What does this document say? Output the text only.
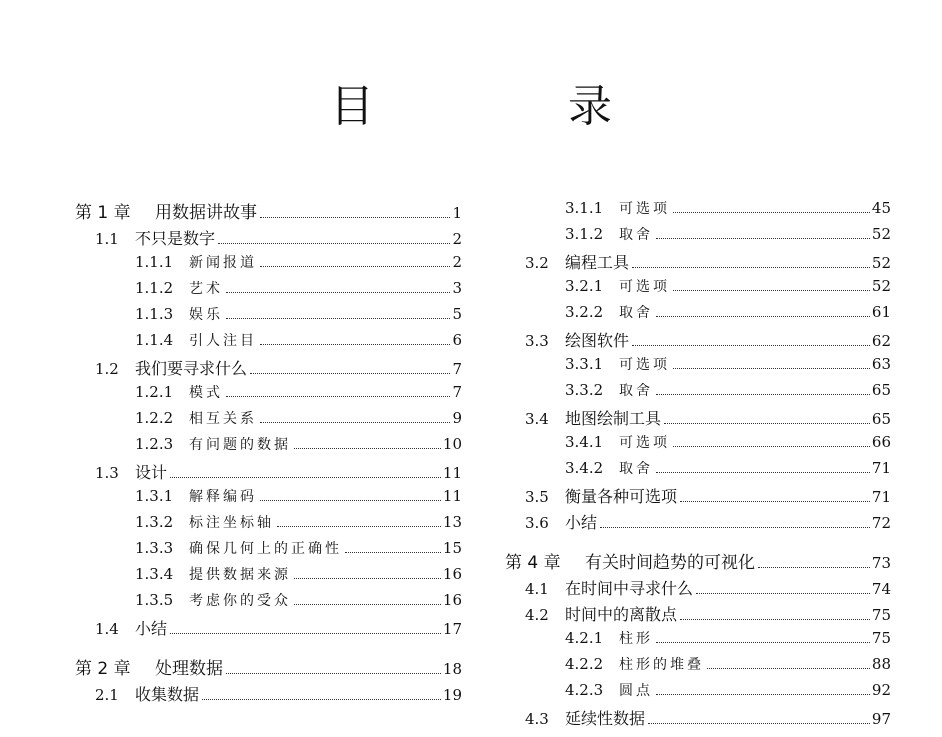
目 录
第 1 章	用数据讲故事	1
1.1	不只是数字	2
1.1.1	新闻报道	2
1.1.2	艺术	3
1.1.3	娱乐	5
1.1.4	引人注目	6
1.2	我们要寻求什么	7
1.2.1	模式	7
1.2.2	相互关系	9
1.2.3	有问题的数据	10
1.3	设计	11
1.3.1	解释编码	11
1.3.2	标注坐标轴	13
1.3.3	确保几何上的正确性	15
1.3.4	提供数据来源	16
1.3.5	考虑你的受众	16
1.4	小结	17
第 2 章	处理数据	18
2.1	收集数据	19
3.1.1	可选项	45
3.1.2	取舍	52
3.2	编程工具	52
3.2.1	可选项	52
3.2.2	取舍	61
3.3	绘图软件	62
3.3.1	可选项	63
3.3.2	取舍	65
3.4	地图绘制工具	65
3.4.1	可选项	66
3.4.2	取舍	71
3.5	衡量各种可选项	71
3.6	小结	72
第 4 章	有关时间趋势的可视化	73
4.1	在时间中寻求什么	74
4.2	时间中的离散点	75
4.2.1	柱形	75
4.2.2	柱形的堆叠	88
4.2.3	圆点	92
4.3	延续性数据	97
